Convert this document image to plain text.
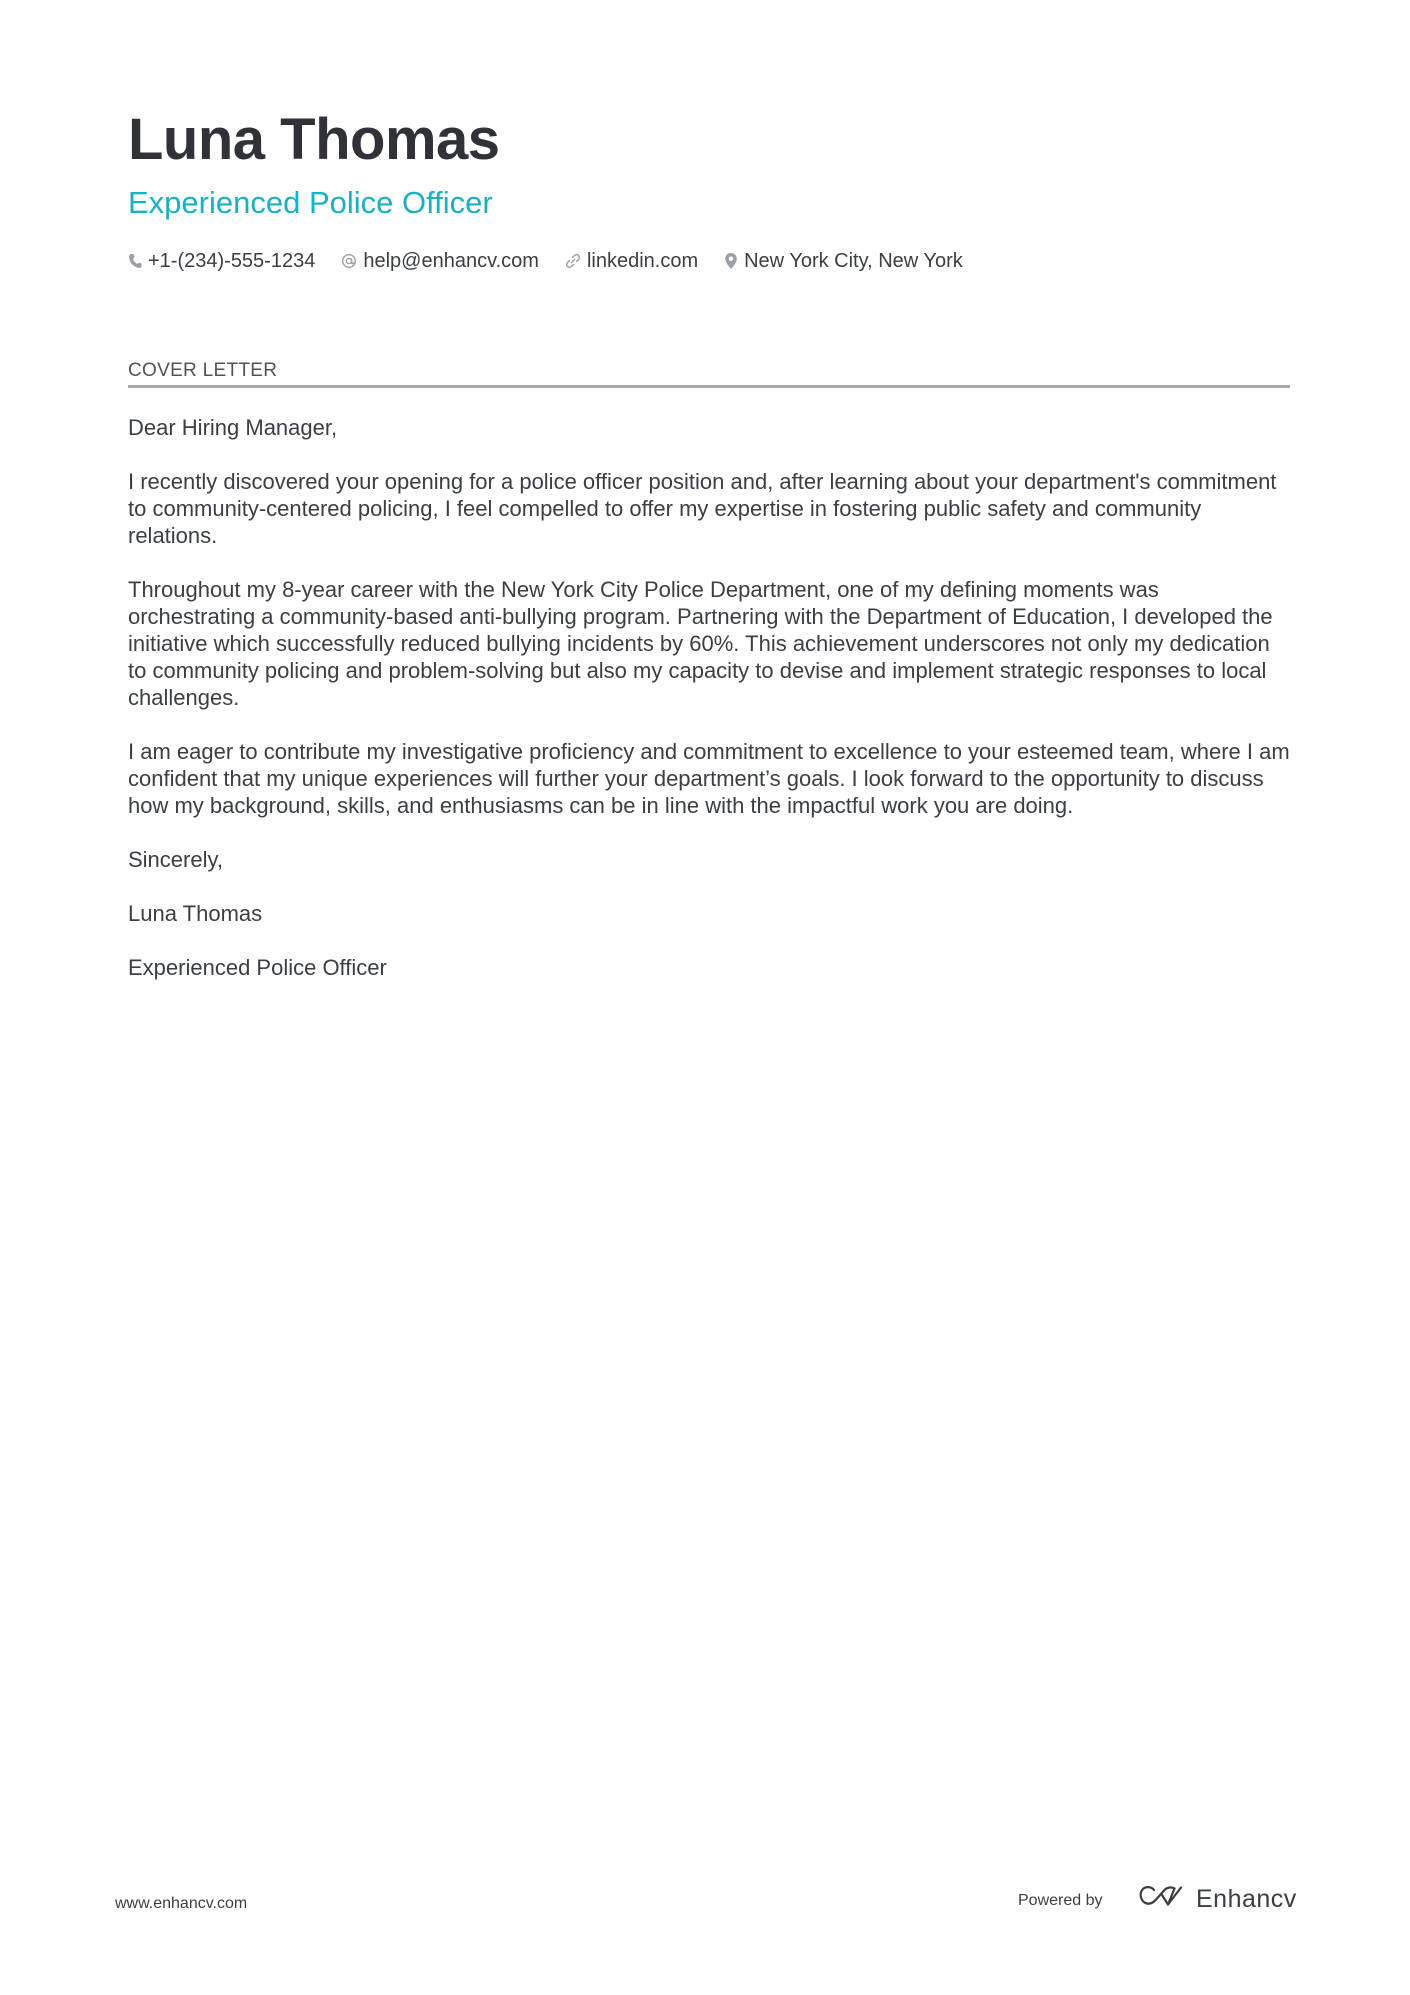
Luna Thomas
Experienced Police Officer
+1-(234)-555-1234 help@enhancv.com linkedin.com New York City, New York
COVER LETTER

Dear Hiring Manager,

I recently discovered your opening for a police officer position and, after learning about your department's commitment to community-centered policing, I feel compelled to offer my expertise in fostering public safety and community relations.

Throughout my 8-year career with the New York City Police Department, one of my defining moments was orchestrating a community-based anti-bullying program. Partnering with the Department of Education, I developed the initiative which successfully reduced bullying incidents by 60%. This achievement underscores not only my dedication to community policing and problem-solving but also my capacity to devise and implement strategic responses to local challenges.

I am eager to contribute my investigative proficiency and commitment to excellence to your esteemed team, where I am confident that my unique experiences will further your department’s goals. I look forward to the opportunity to discuss how my background, skills, and enthusiasms can be in line with the impactful work you are doing.

Sincerely,

Luna Thomas

Experienced Police Officer

www.enhancv.com	Powered by	Enhancv
